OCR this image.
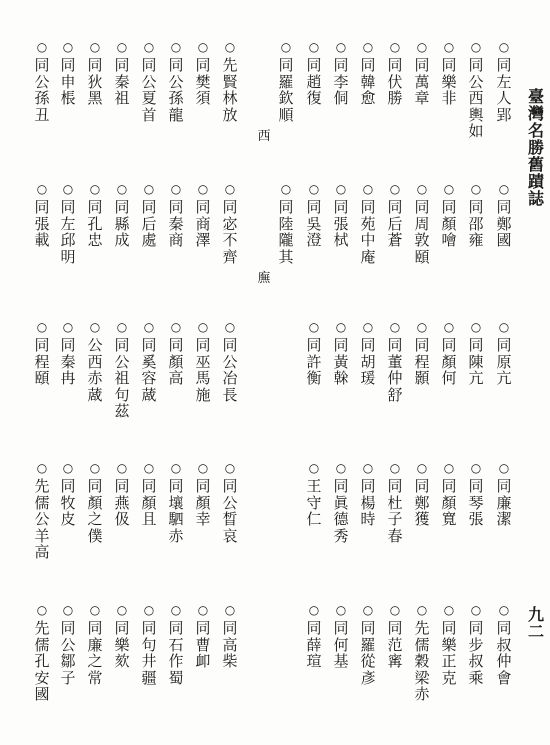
臺灣名勝舊蹟誌
○
同左人郢
○
同公西輿如
○
同樂非
○
同萬章
○
同伏勝
○
同韓愈
○
同李侗
○
同趙復
○
同羅欽順
○
先賢林放
○
同樊須
○
同公孫龍
○
同公夏首
○
同秦祖
○
同狄黑
○
同申棖
○
同公孫丑
西
○
同鄭國
○
同邵雍
○
同顏噲
○
同周敦頤
○
同后蒼
○
同苑中庵
○
同張栻
○
同吳澄
○
同陸隴其
○
同宓不齊
○
同商澤
○
同秦商
○
同后處
○
同縣成
○
同孔忠
○
同左邱明
○
同張載
廡
○
同原亢
○
同陳亢
○
同顏何
○
同程顥
○
同董仲舒
○
同胡瑗
○
同黃榦
○
同許衡
○
同公冶長
○
同巫馬施
○
同顏高
○
同奚容蒧
○
同公祖句茲
○
公西赤蒧
○
同秦冉
○
同程頤
○
同廉潔
○
同琴張
○
同顏寬
○
同鄭獲
○
同杜子春
○
同楊時
○
同眞德秀
○
王守仁
○
同公晳哀
○
同顏幸
○
同壤駟赤
○
同顏且
○
同燕伋
○
同顏之僕
○
同牧皮
○
先儒公羊高
○
同叔仲會
○
同步叔乘
○
同樂正克
○
先儒穀梁赤
○
同范寗
○
同羅從彥
○
同何基
○
同薛瑄
○
同高柴
○
同曹卹
○
同石作蜀
○
同句井疆
○
同樂欬
○
同廉之常
○
同公鄒子
○
先儒孔安國
九二
